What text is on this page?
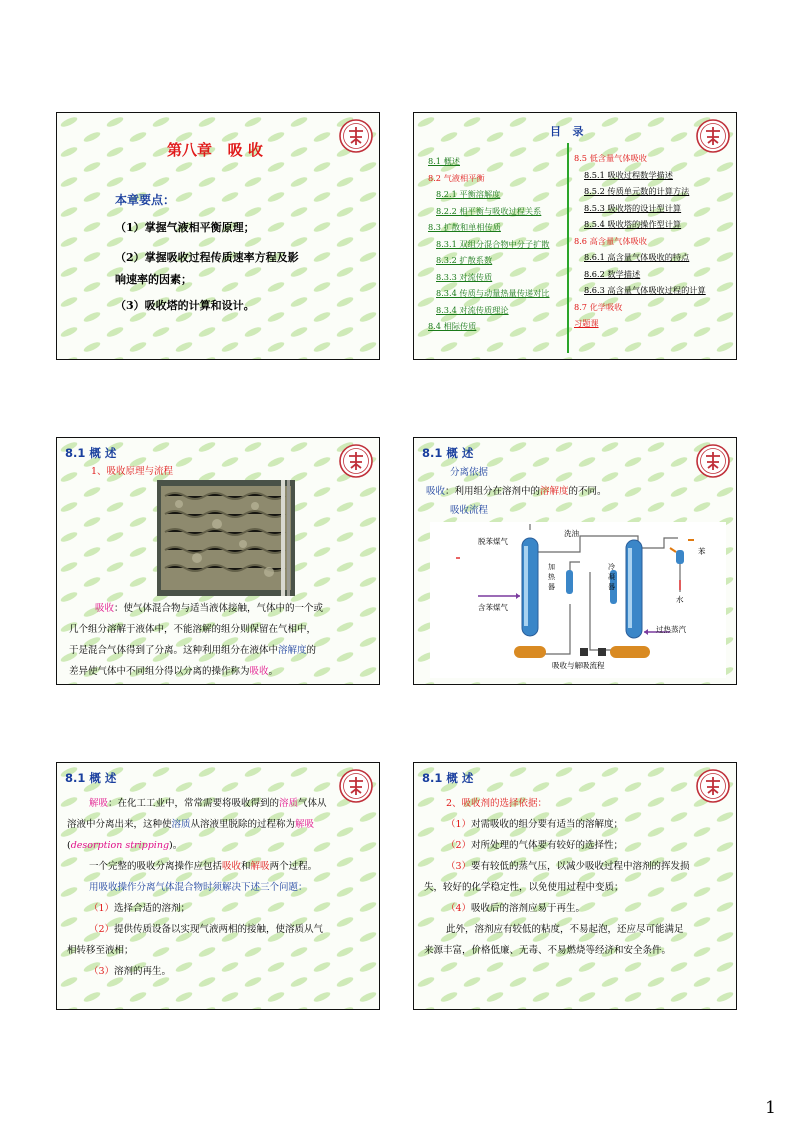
第八章   吸 收
本章要点：
（1）掌握气液相平衡原理；
（2）掌握吸收过程传质速率方程及影
响速率的因素；
（3）吸收塔的计算和设计。
目   录
8.1 概述
8.2 气液相平衡
8.2.1 平衡溶解度
8.2.2 相平衡与吸收过程关系
8.3 扩散和单相传质
8.3.1 双组分混合物中分子扩散
8.3.2 扩散系数
8.3.3 对流传质
8.3.4 传质与动量热量传递对比
8.3.4 对流传质理论
8.4 相际传质
8.5 低含量气体吸收
8.5.1 吸收过程数学描述
8.5.2 传质单元数的计算方法
8.5.3 吸收塔的设计型计算
8.5.4 吸收塔的操作型计算
8.6 高含量气体吸收
8.6.1 高含量气体吸收的特点
8.6.2 数学描述
8.6.3 高含量气体吸收过程的计算
8.7 化学吸收
习题课
8.1 概 述
1、吸收原理与流程
吸收：使气体混合物与适当液体接触，气体中的一个或
几个组分溶解于液体中，不能溶解的组分则保留在气相中，
于是混合气体得到了分离。这种利用组分在液体中溶解度的
差异使气体中不同组分得以分离的操作称为吸收。
8.1 概 述
分离依据
吸收：利用组分在溶剂中的溶解度的不同。
吸收流程
脱苯煤气
洗油
加热器
冷凝器
苯
水
含苯煤气
过热蒸汽
吸收与解吸流程
8.1 概 述
解吸：在化工工业中，常常需要将吸收得到的溶质气体从
溶液中分离出来，这种使溶质从溶液里脱除的过程称为解吸
(desorption stripping)。
一个完整的吸收分离操作应包括吸收和解吸两个过程。
用吸收操作分离气体混合物时须解决下述三个问题：
（1）选择合适的溶剂；
（2）提供传质设备以实现气液两相的接触，使溶质从气
相转移至液相；
（3）溶剂的再生。
8.1 概 述
2、吸收剂的选择依据：
（1）对需吸收的组分要有适当的溶解度；
（2）对所处理的气体要有较好的选择性；
（3）要有较低的蒸气压，以减少吸收过程中溶剂的挥发损
失，较好的化学稳定性，以免使用过程中变质；
（4）吸收后的溶剂应易于再生。
此外，溶剂应有较低的粘度，不易起泡，还应尽可能满足
来源丰富，价格低廉、无毒、不易燃烧等经济和安全条件。
1
